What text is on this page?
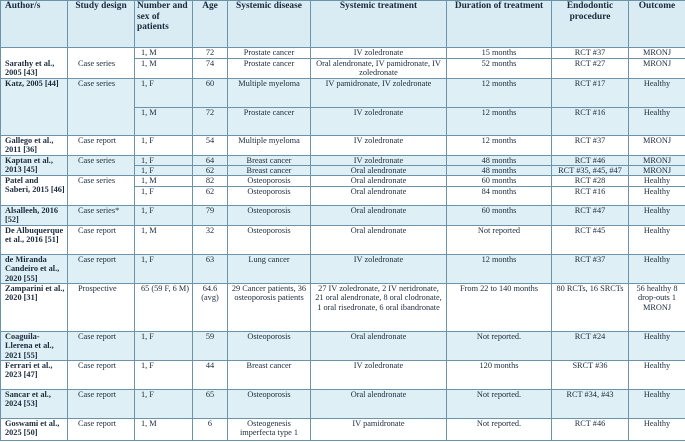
Author/s	Study design	Number and sex of patients	Age	Systemic disease	Systemic treatment	Duration of treatment	Endodontic procedure	Outcome
Sarathy et al., 2005 [43]	Case series	1, M	72	Prostate cancer	IV zoledronate	15 months	RCT #37	MRONJ
		1, M	74	Prostate cancer	Oral alendronate, IV pamidronate, IV zoledronate	52 months	RCT #27	MRONJ
Katz, 2005 [44]	Case series	1, F	60	Multiple myeloma	IV pamidronate, IV zoledronate	12 months	RCT #17	Healthy
		1, M	72	Prostate cancer	IV zoledronate	12 months	RCT #16	Healthy
Gallego et al., 2011 [36]	Case report	1, F	54	Multiple myeloma	IV zoledronate	12 months	RCT #37	MRONJ
Kaptan et al., 2013 [45]	Case series	1, F	64	Breast cancer	IV zoledronate	48 months	RCT #46	MRONJ
		1, F	62	Breast cancer	Oral alendronate	48 months	RCT #35, #45, #47	MRONJ
Patel and Saberi, 2015 [46]	Case series	1, M	82	Osteoporosis	Oral alendronate	60 months	RCT #28	Healthy
		1, F	62	Osteoporosis	Oral alendronate	84 months	RCT #16	Healthy
Alsalleeh, 2016 [52]	Case series*	1, F	79	Osteoporosis	Oral alendronate	60 months	RCT #47	Healthy
De Albuquerque et al., 2016 [51]	Case report	1, M	32	Osteoporosis	Oral alendronate	Not reported	RCT #45	Healthy
de Miranda Candeiro et al., 2020 [55]	Case report	1, F	63	Lung cancer	IV zoledronate	12 months	RCT #37	Healthy
Zamparini et al., 2020 [31]	Prospective	65 (59 F, 6 M)	64.6 (avg)	29 Cancer patients, 36 osteoporosis patients	27 IV zoledronate, 2 IV neridronate, 21 oral alendronate, 8 oral clodronate, 1 oral risedronate, 6 oral ibandronate	From 22 to 140 months	80 RCTs, 16 SRCTs	56 healthy 8 drop-outs 1 MRONJ
Coaguila-Llerena et al., 2021 [55]	Case report	1, F	59	Osteoporosis	Oral alendronate	Not reported.	RCT #24	Healthy
Ferrari et al., 2023 [47]	Case report	1, F	44	Breast cancer	IV zoledronate	120 months	SRCT #36	Healthy
Sancar et al., 2024 [53]	Case report	1, F	65	Osteoporosis	Oral alendronate	Not reported.	RCT #34, #43	Healthy
Goswami et al., 2025 [50]	Case report	1, M	6	Osteogenesis imperfecta type 1	IV pamidronate	Not reported.	RCT #46	Healthy
